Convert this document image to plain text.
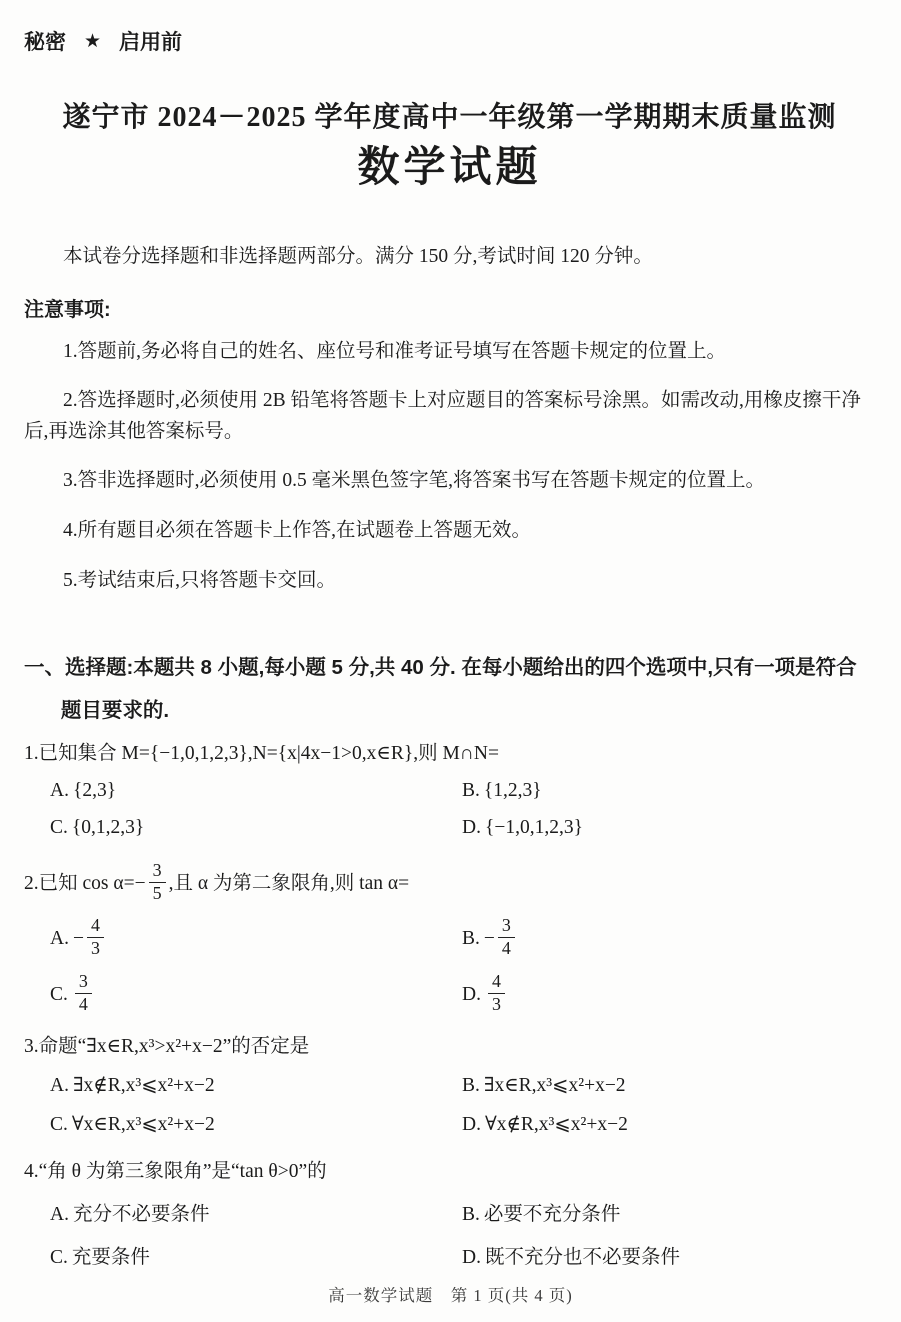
秘密 ★ 启用前
遂宁市 2024－2025 学年度高中一年级第一学期期末质量监测
数学试题

本试卷分选择题和非选择题两部分。满分 150 分,考试时间 120 分钟。

注意事项:

1.答题前,务必将自己的姓名、座位号和准考证号填写在答题卡规定的位置上。

2.答选择题时,必须使用 2B 铅笔将答题卡上对应题目的答案标号涂黑。如需改动,用橡皮擦干净后,再选涂其他答案标号。

3.答非选择题时,必须使用 0.5 毫米黑色签字笔,将答案书写在答题卡规定的位置上。

4.所有题目必须在答题卡上作答,在试题卷上答题无效。

5.考试结束后,只将答题卡交回。

一、选择题:本题共 8 小题,每小题 5 分,共 40 分. 在每小题给出的四个选项中,只有一项是符合题目要求的.
1.已知集合 M={−1,0,1,2,3},N={x|4x−1>0,x∈R},则 M∩N=
A. {2,3}	B. {1,2,3}
C. {0,1,2,3}	D. {−1,0,1,2,3}
2.已知 $\cos \alpha=- \frac{3}{5}$ ,且 α 为第二象限角,则 tan α=
A. − $\frac{4}{3}$	B. − $\frac{3}{4}$
C. $\frac{3}{4}$	D. $\frac{4}{3}$
3.命题“∃x∈R,x³>x²+x−2”的否定是
A. ∃x∉R,x³⩽x²+x−2	B. ∃x∈R,x³⩽x²+x−2
C. ∀x∈R,x³⩽x²+x−2	D. ∀x∉R,x³⩽x²+x−2
4.“角 θ 为第三象限角”是“tan θ>0”的
A. 充分不必要条件	B. 必要不充分条件
C. 充要条件	D. 既不充分也不必要条件
高一数学试题　第 1 页(共 4 页)
